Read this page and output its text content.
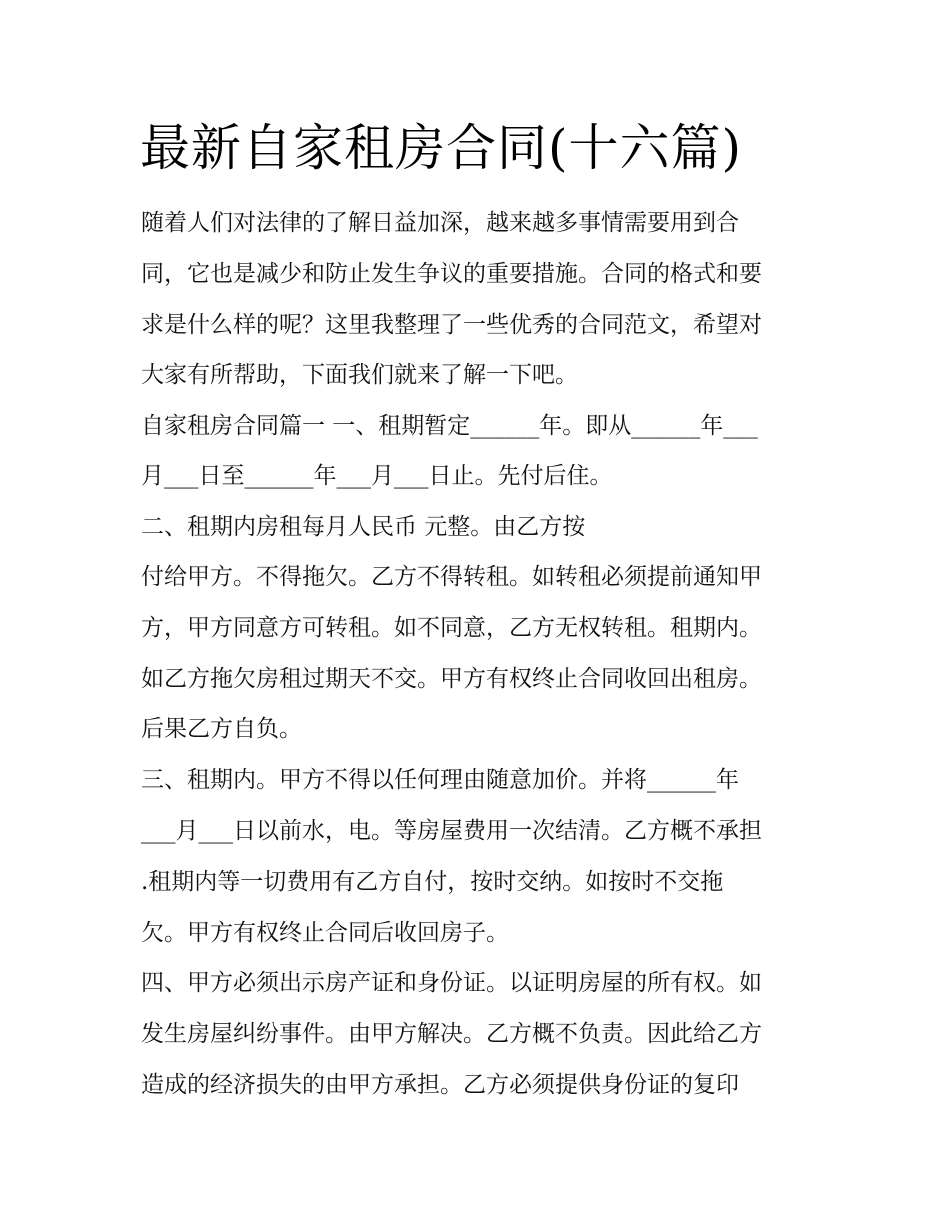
最新自家租房合同(十六篇)

随着人们对法律的了解日益加深，越来越多事情需要用到合

同，它也是减少和防止发生争议的重要措施。合同的格式和要

求是什么样的呢？这里我整理了一些优秀的合同范文，希望对

大家有所帮助，下面我们就来了解一下吧。

自家租房合同篇一 一、租期暂定______年。即从______年___

月___日至______年___月___日止。先付后住。

二、租期内房租每月人民币 元整。由乙方按

付给甲方。不得拖欠。乙方不得转租。如转租必须提前通知甲

方，甲方同意方可转租。如不同意，乙方无权转租。租期内。

如乙方拖欠房租过期天不交。甲方有权终止合同收回出租房。

后果乙方自负。

三、租期内。甲方不得以任何理由随意加价。并将______年

___月___日以前水，电。等房屋费用一次结清。乙方概不承担

.租期内等一切费用有乙方自付，按时交纳。如按时不交拖

欠。甲方有权终止合同后收回房子。

四、甲方必须出示房产证和身份证。以证明房屋的所有权。如

发生房屋纠纷事件。由甲方解决。乙方概不负责。因此给乙方

造成的经济损失的由甲方承担。乙方必须提供身份证的复印
